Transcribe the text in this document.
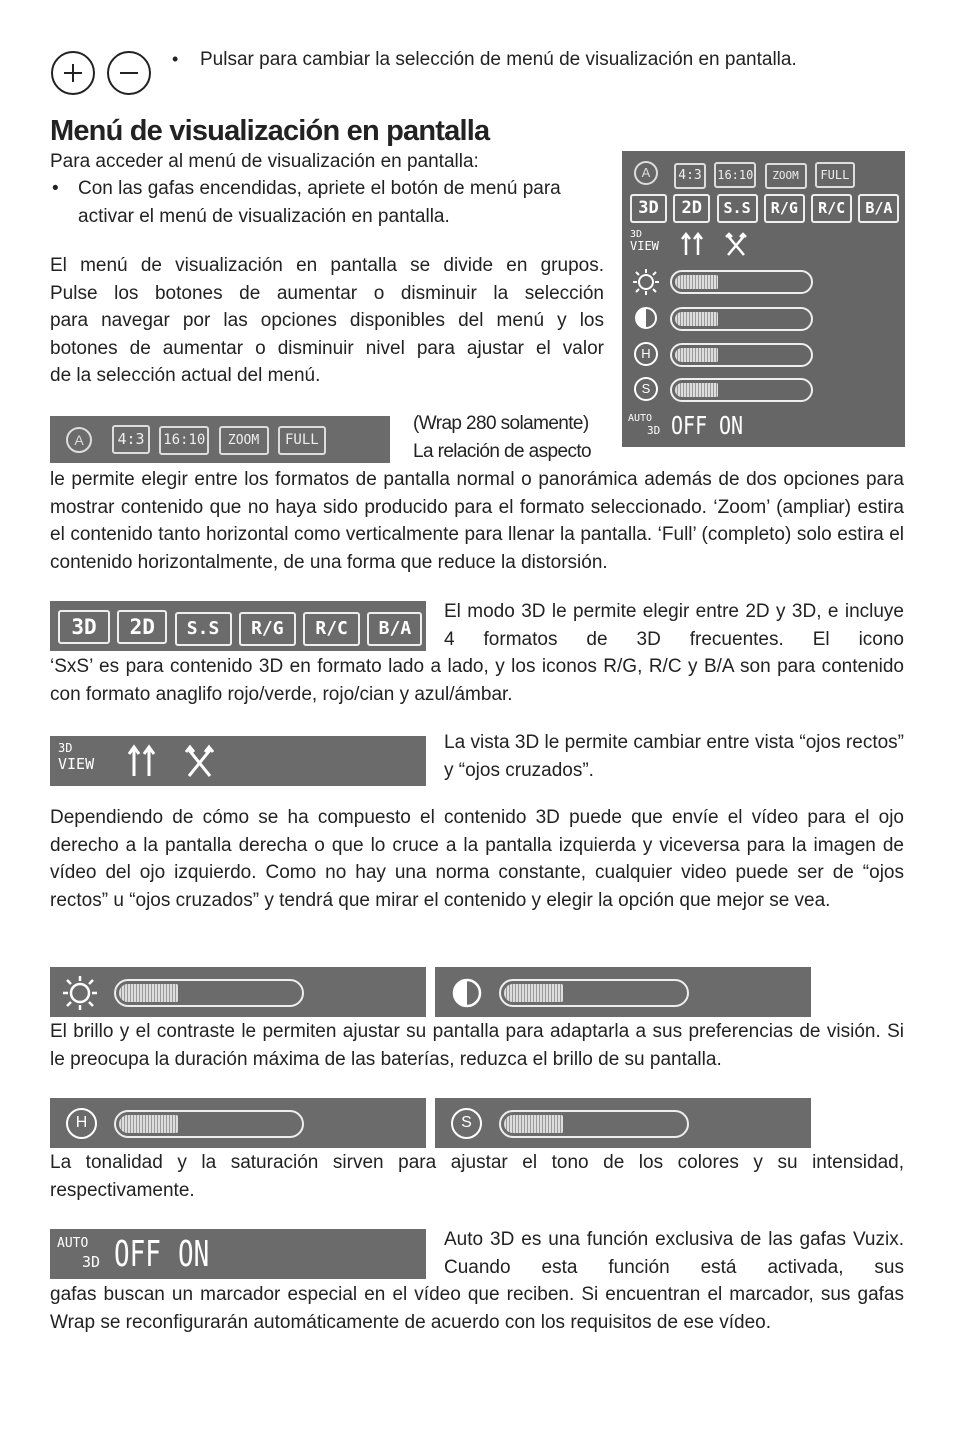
• Pulsar para cambiar la selección de menú de visualización en pantalla.
Menú de visualización en pantalla
Para acceder al menú de visualización en pantalla:
• Con las gafas encendidas, apriete el botón de menú para
activar el menú de visualización en pantalla.
El menú de visualización en pantalla se divide en grupos.
Pulse los botones de aumentar o disminuir la selección
para navegar por las opciones disponibles del menú y los
botones de aumentar o disminuir nivel para ajustar el valor
de la selección actual del menú.
A	4:3 16:10 ZOOM FULL
3D 2D S.S R/G R/C B/A
3D
VIEW
H
S
AUTO
3D OFF ON
A	4:3 16:10 ZOOM FULL
(Wrap 280 solamente)
La relación de aspecto
le permite elegir entre los formatos de pantalla normal o panorámica además de dos opciones para mostrar contenido que no haya sido producido para el formato seleccionado. ‘Zoom’ (ampliar) estira el contenido tanto horizontal como verticalmente para llenar la pantalla. ‘Full’ (completo) solo estira el contenido horizontalmente, de una forma que reduce la distorsión.
3D 2D S.S R/G R/C B/A
El modo 3D le permite elegir entre 2D y 3D, e incluye 4 formatos de 3D frecuentes. El icono
‘SxS’ es para contenido 3D en formato lado a lado, y los iconos R/G, R/C y B/A son para contenido con formato anaglifo rojo/verde, rojo/cian y azul/ámbar.
3D
VIEW
La vista 3D le permite cambiar entre vista “ojos rectos” y “ojos cruzados”.
Dependiendo de cómo se ha compuesto el contenido 3D puede que envíe el vídeo para el ojo derecho a la pantalla derecha o que lo cruce a la pantalla izquierda y viceversa para la imagen de vídeo del ojo izquierdo. Como no hay una norma constante, cualquier video puede ser de “ojos rectos” u “ojos cruzados” y tendrá que mirar el contenido y elegir la opción que mejor se vea.
El brillo y el contraste le permiten ajustar su pantalla para adaptarla a sus preferencias de visión. Si le preocupa la duración máxima de las baterías, reduzca el brillo de su pantalla.
H	S
La tonalidad y la saturación sirven para ajustar el tono de los colores y su intensidad, respectivamente.
AUTO
3D OFF ON	Auto 3D es una función exclusiva de las gafas Vuzix. Cuando esta función está activada, sus
gafas buscan un marcador especial en el vídeo que reciben. Si encuentran el marcador, sus gafas Wrap se reconfigurarán automáticamente de acuerdo con los requisitos de ese vídeo.
